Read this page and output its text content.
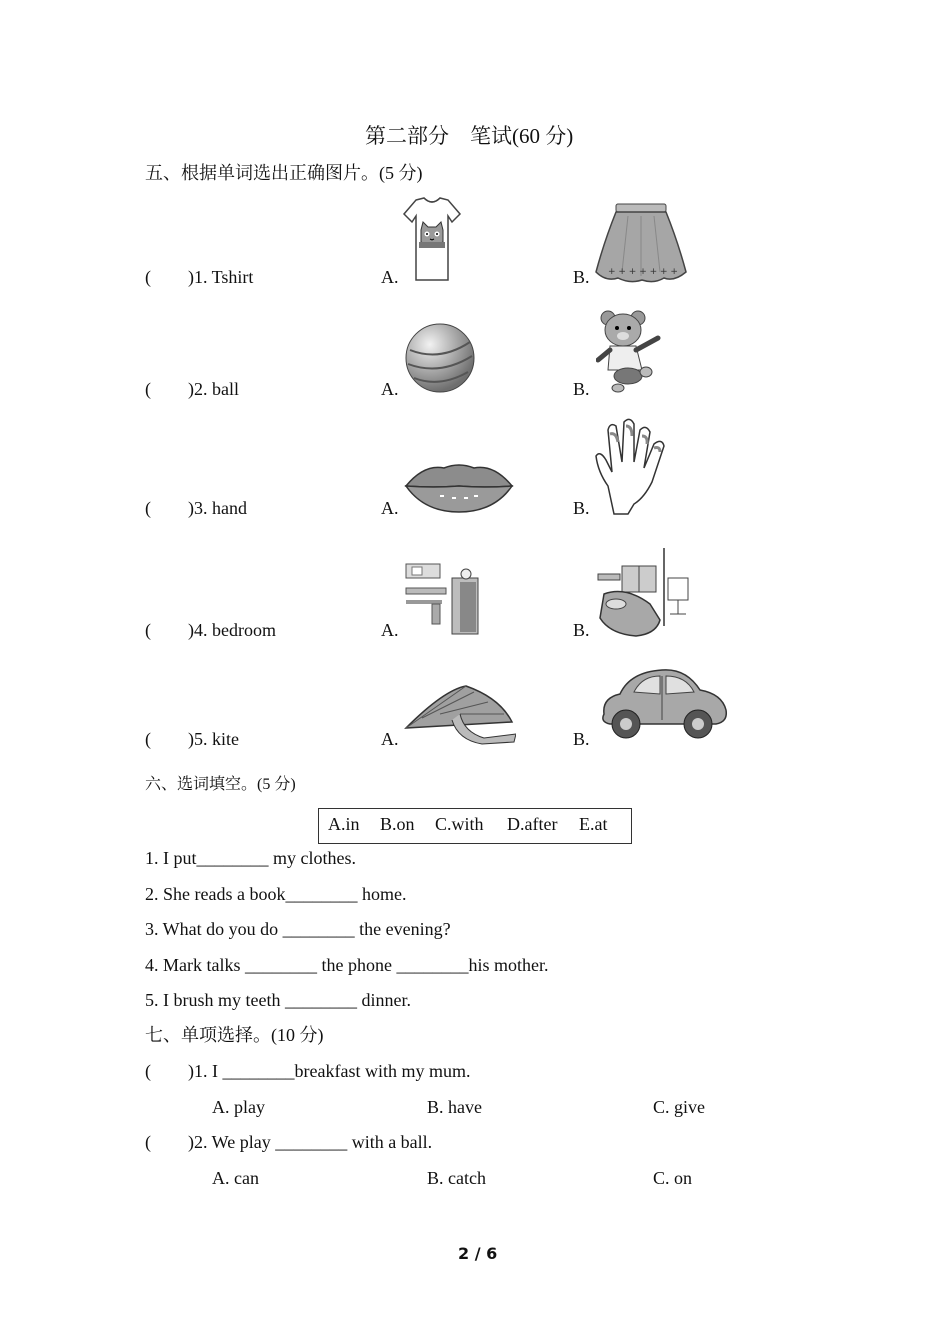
第二部分　笔试(60 分)
五、根据单词选出正确图片。(5 分)
( )1. Tshirt	A.	B. + + + + + + +
( )2. ball	A.	B.
( )3. hand	A.	B.
( )4. bedroom	A.	B.
( )5. kite	A.	B.
六、选词填空。(5 分)
A.in B.on C.with D.after E.at
1. I put________ my clothes.
2. She reads a book________ home.
3. What do you do ________ the evening?
4. Mark talks ________ the phone ________his mother.
5. I brush my teeth ________ dinner.
七、单项选择。(10 分)
( )1. I ________breakfast with my mum.
A. play	B. have	C. give
( )2. We play ________ with a ball.
A. can	B. catch	C. on
2 / 6
